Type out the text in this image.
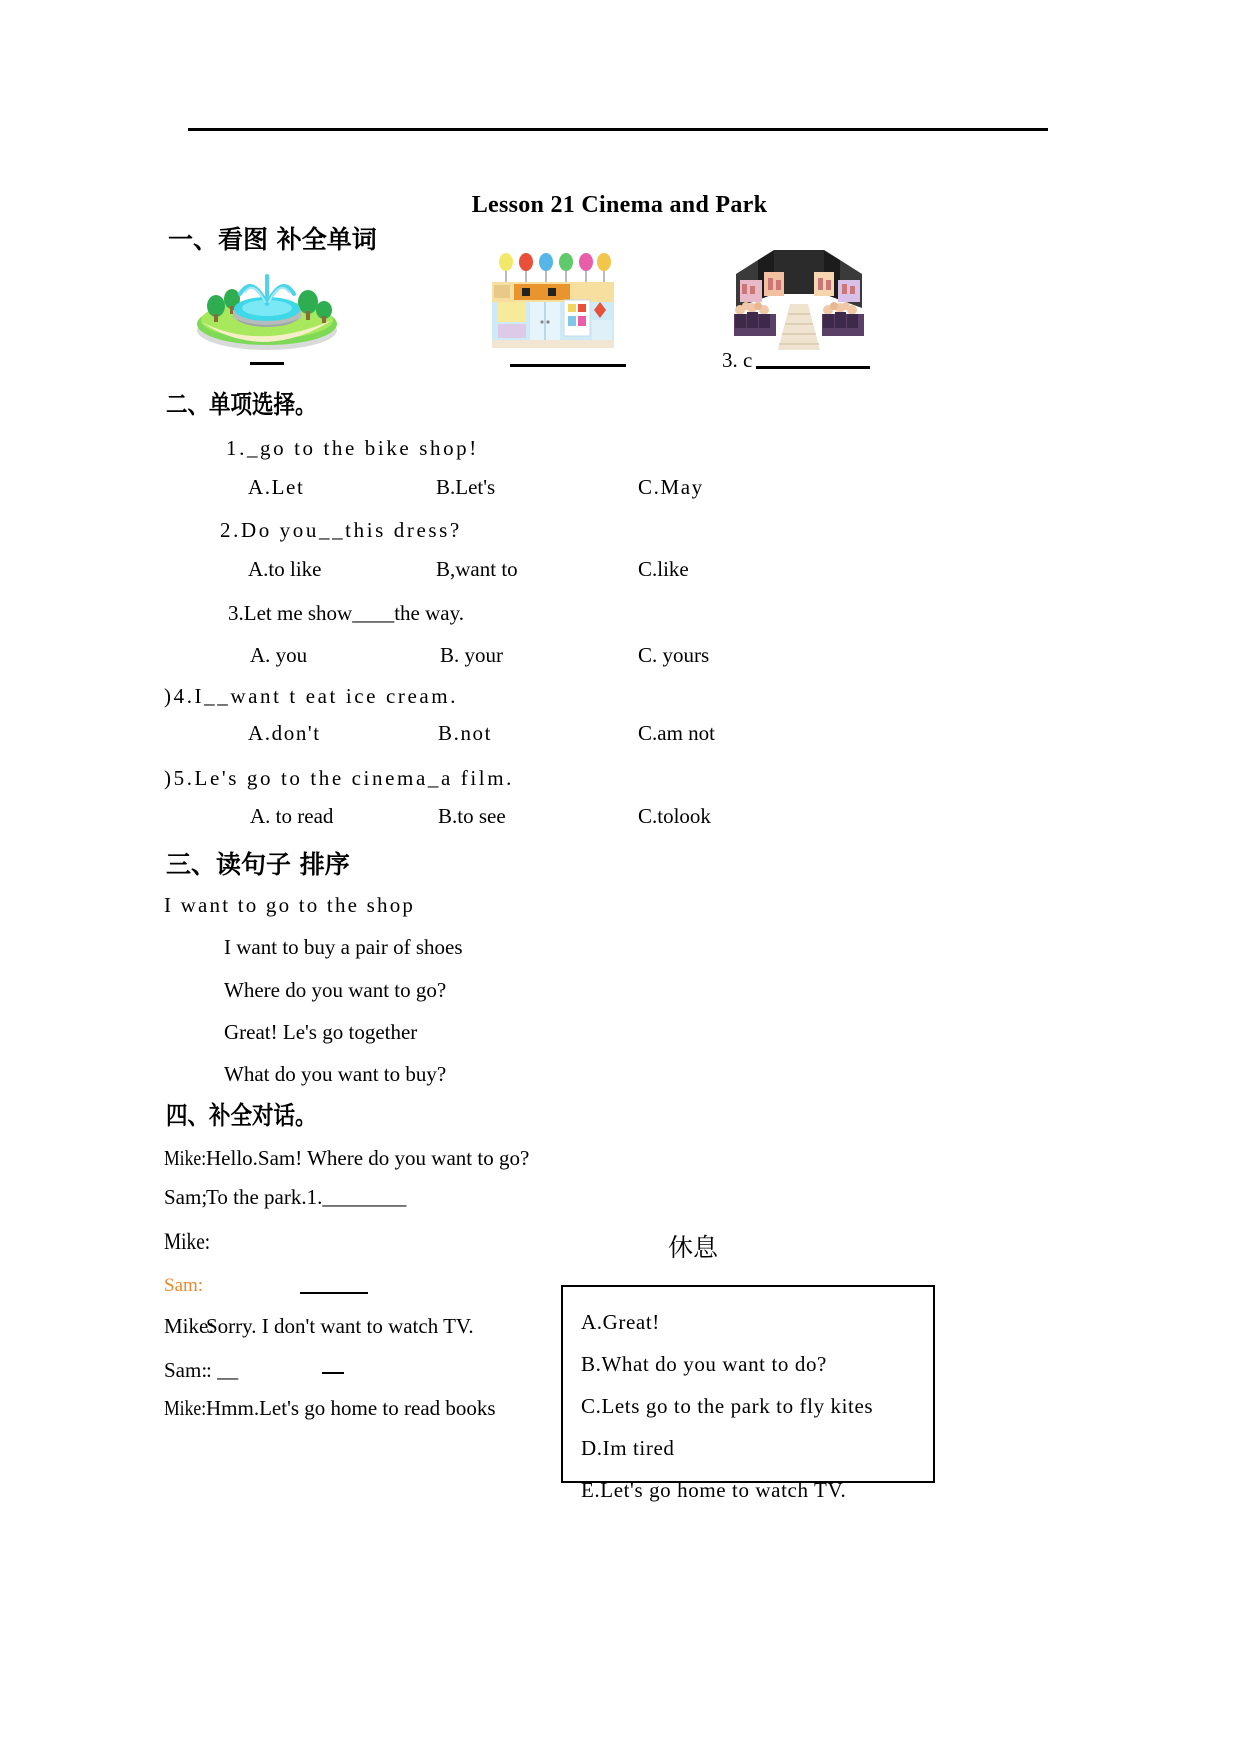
Lesson 21 Cinema and Park
一、看图 补全单词
3. c
二、单项选择。
1._go to the bike shop!
A.Let	B.Let's	C.May
2.Do you__this dress?
A.to like	B,want to	C.like
3.Let me show____the way.
A. you	B. your	C. yours
)4.I__want t eat ice cream.
A.don't	B.not	C.am not
)5.Le's go to the cinema_a film.
A. to read	B.to see	C.tolook
三、读句子 排序
I want to go to the shop
I want to buy a pair of shoes
Where do you want to go?
Great! Le's go together
What do you want to buy?
四、补全对话。
Mike: Hello.Sam! Where do you want to go?
Sam;
To the park.1.________
Mike:	休息
Sam:
Mike:
Sorry. I don't want to watch TV.
Sam:
: __
Mike: Hmm.Let's go home to read books
A.Great!
B.What do you want to do?
C.Lets go to the park to fly kites
D.Im tired
E.Let's go home to watch TV.
